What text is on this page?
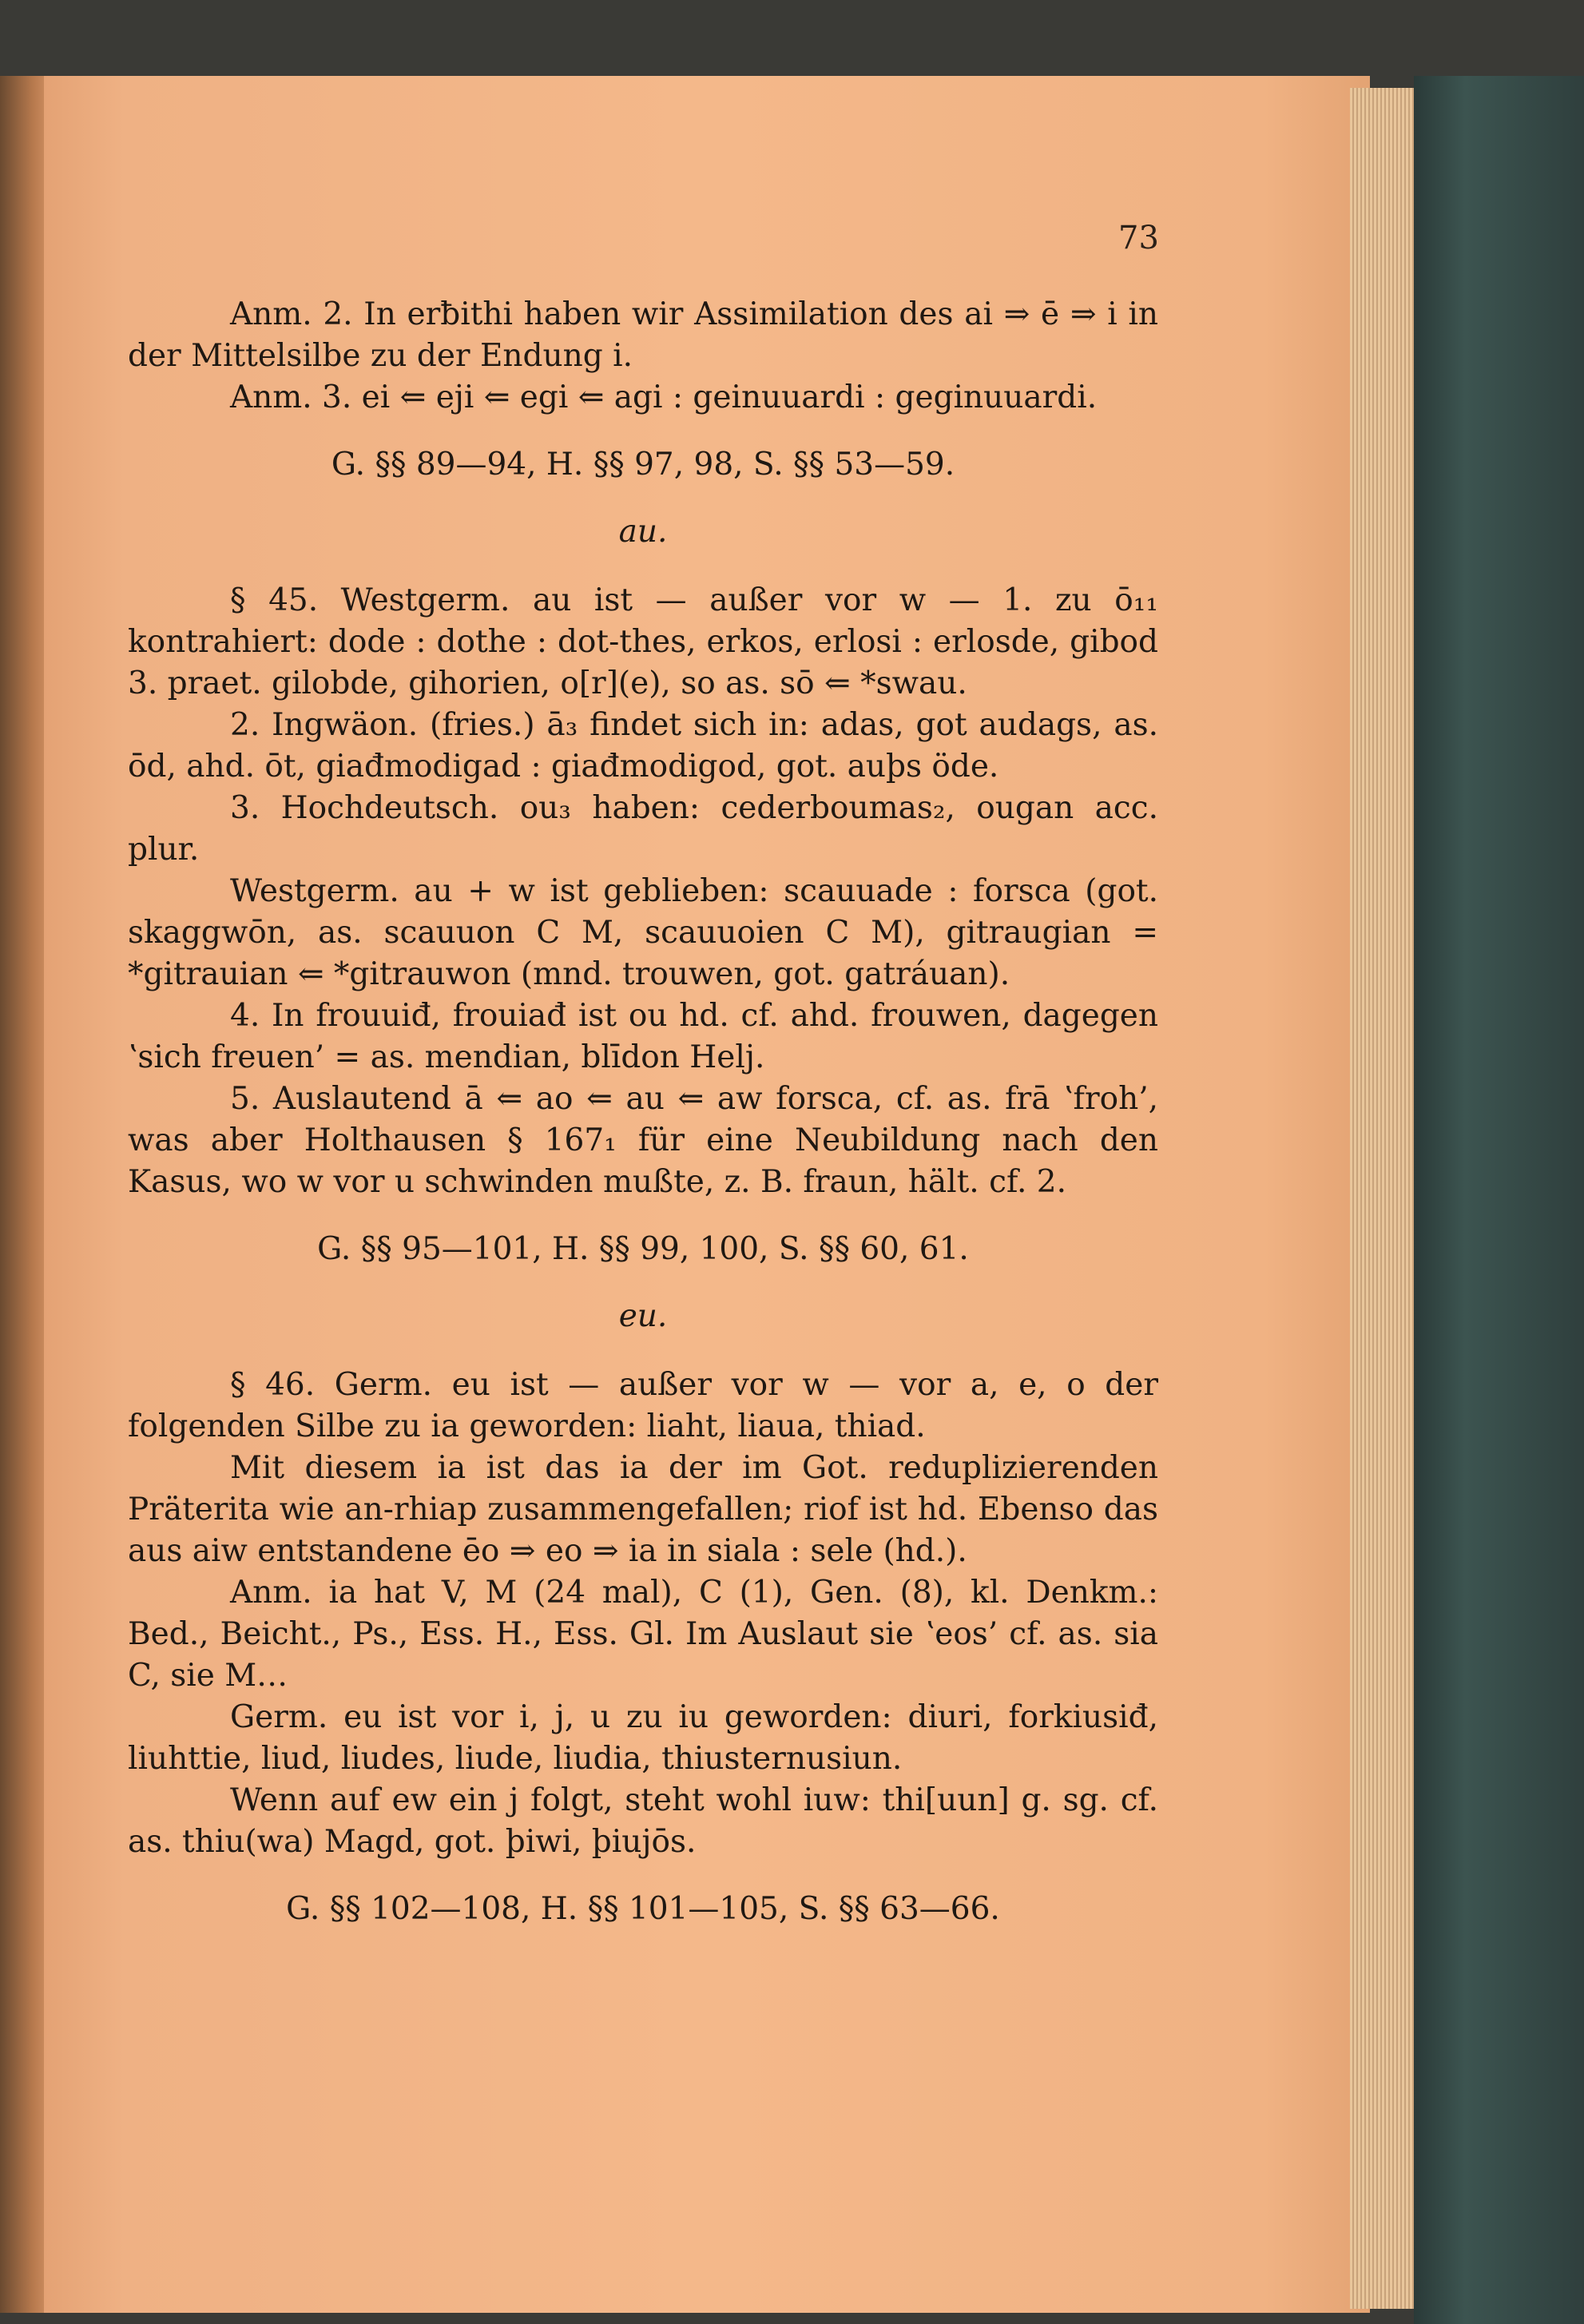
73

Anm. 2. In erƀithi haben wir Assimilation des ai ⇒ ē ⇒ i in der Mittelsilbe zu der Endung i.

Anm. 3. ei ⇐ eji ⇐ egi ⇐ agi : geinuuardi : geginuuardi.

G. §§ 89—94, H. §§ 97, 98, S. §§ 53—59.

au.

§ 45. Westgerm. au ist — außer vor w — 1. zu ō₁₁ kontrahiert: dode : dothe : dot-thes, erkos, erlosi : erlosde, gibod 3. praet. gilobde, gihorien, o[r](e), so as. sō ⇐ *swau.

2. Ingwäon. (fries.) ā₃ findet sich in: adas, got audags, as. ōd, ahd. ōt, giađmodigad : giađmodigod, got. auþs öde.

3. Hochdeutsch. ou₃ haben: cederboumas₂, ougan acc. plur.

Westgerm. au + w ist geblieben: scauuade : forsca (got. skaggwōn, as. scauuon C M, scauuoien C M), gitraugian = *gitrauian ⇐ *gitrauwon (mnd. trouwen, got. gatráuan).

4. In frouuiđ, frouiađ ist ou hd. cf. ahd. frouwen, dagegen ʽsich freuen’ = as. mendian, blīdon Helj.

5. Auslautend ā ⇐ ao ⇐ au ⇐ aw forsca, cf. as. frā ʽfroh’, was aber Holthausen § 167₁ für eine Neubildung nach den Kasus, wo w vor u schwinden mußte, z. B. fraun, hält. cf. 2.

G. §§ 95—101, H. §§ 99, 100, S. §§ 60, 61.

eu.

§ 46. Germ. eu ist — außer vor w — vor a, e, o der folgenden Silbe zu ia geworden: liaht, liaua, thiad.

Mit diesem ia ist das ia der im Got. reduplizierenden Präterita wie an-rhiap zusammengefallen; riof ist hd. Ebenso das aus aiw entstandene ēo ⇒ eo ⇒ ia in siala : sele (hd.).

Anm. ia hat V, M (24 mal), C (1), Gen. (8), kl. Denkm.: Bed., Beicht., Ps., Ess. H., Ess. Gl. Im Auslaut sie ʽeos’ cf. as. sia C, sie M…

Germ. eu ist vor i, j, u zu iu geworden: diuri, forkiusiđ, liuhttie, liud, liudes, liude, liudia, thiusternusiun.

Wenn auf ew ein j folgt, steht wohl iuw: thi[uun] g. sg. cf. as. thiu(wa) Magd, got. þiwi, þiujōs.

G. §§ 102—108, H. §§ 101—105, S. §§ 63—66.
